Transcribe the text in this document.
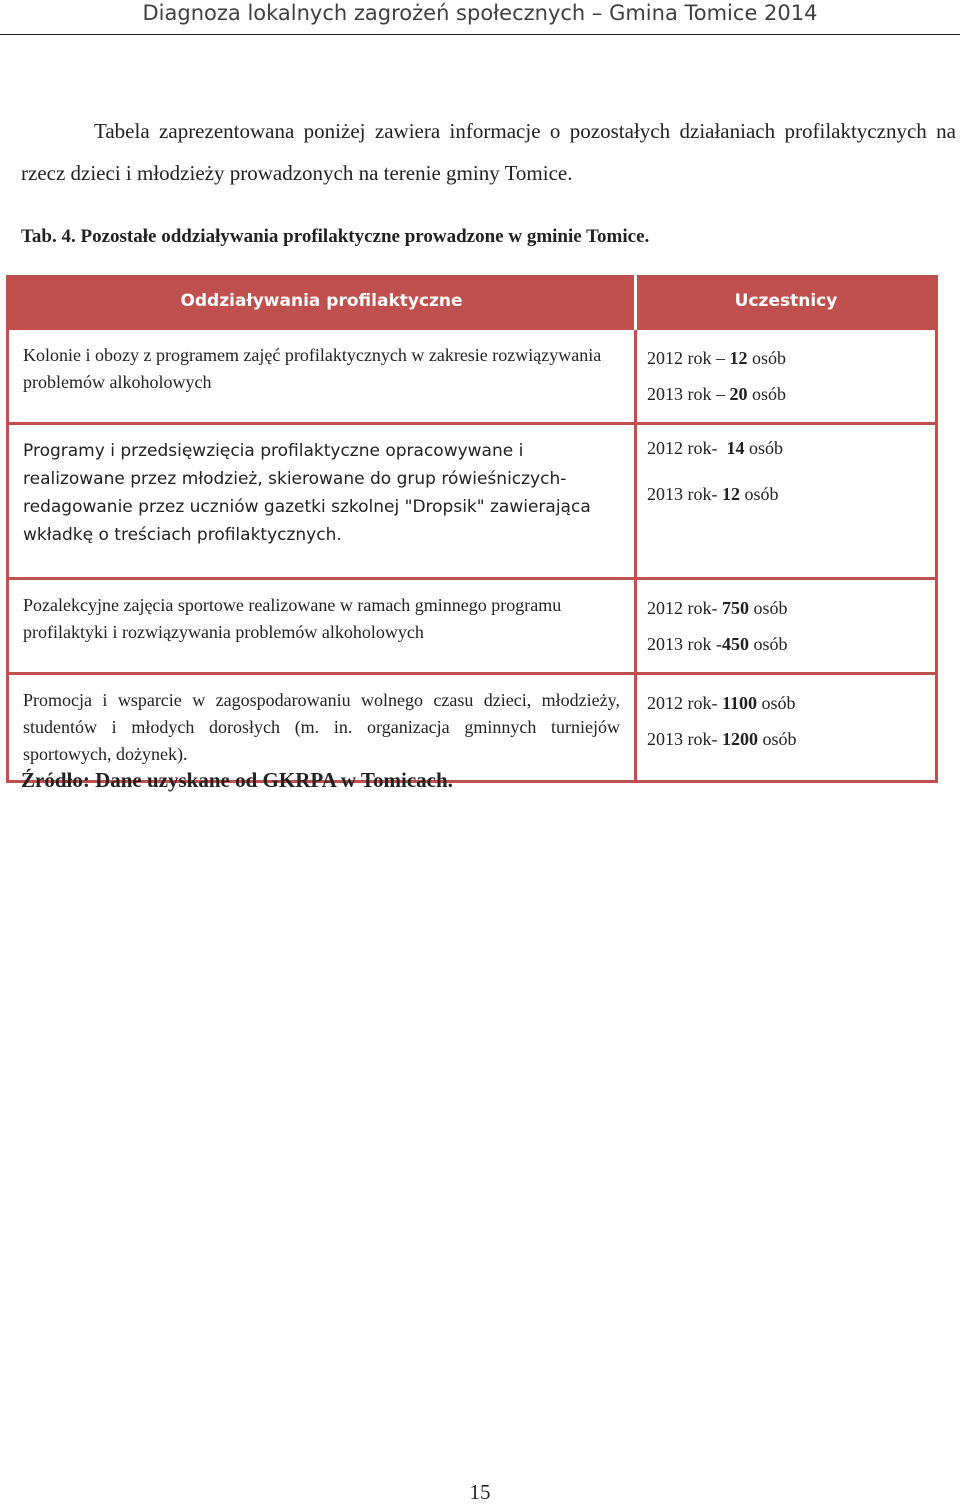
Diagnoza lokalnych zagrożeń społecznych – Gmina Tomice 2014

Tabela zaprezentowana poniżej zawiera informacje o pozostałych działaniach profilaktycznych na rzecz dzieci i młodzieży prowadzonych na terenie gminy Tomice.

Tab. 4. Pozostałe oddziaływania profilaktyczne prowadzone w gminie Tomice.
Oddziaływania profilaktyczne	Uczestnicy
Kolonie i obozy z programem zajęć profilaktycznych w zakresie rozwiązywania problemów alkoholowych	2012 rok – 12 osób
2013 rok – 20 osób

Programy i przedsięwzięcia profilaktyczne opracowywane i realizowane przez młodzież, skierowane do grup rówieśniczych- redagowanie przez uczniów gazetki szkolnej "Dropsik" zawierająca wkładkę o treściach profilaktycznych.	2012 rok-  14 osób
2013 rok- 12 osób

Pozalekcyjne zajęcia sportowe realizowane w ramach gminnego programu profilaktyki i rozwiązywania problemów alkoholowych	2012 rok- 750 osób
2013 rok -450 osób

Promocja i wsparcie w zagospodarowaniu wolnego czasu dzieci, młodzieży, studentów i młodych dorosłych (m. in. organizacja gminnych turniejów sportowych, dożynek).	2012 rok- 1100 osób
2013 rok- 1200 osób
Źródło: Dane uzyskane od GKRPA w Tomicach.
15
